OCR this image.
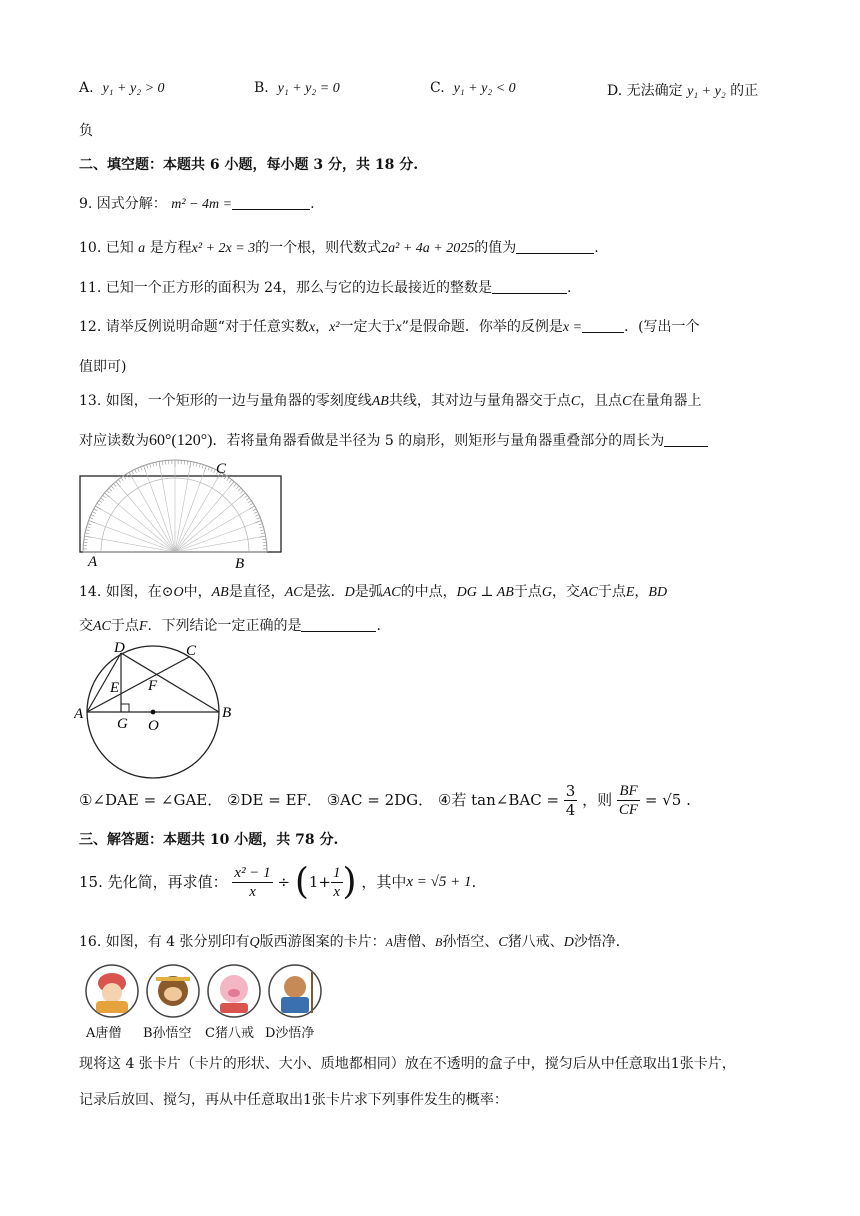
A. y₁ + y₂ > 0	B. y₁ + y₂ = 0	C. y₁ + y₂ < 0	D. 无法确定 y₁ + y₂ 的正
负
二、填空题：本题共 6 小题，每小题 3 分，共 18 分.
9. 因式分解： m² − 4m =	.
10. 已知 a 是方程x² + 2x = 3的一个根，则代数式2a² + 4a + 2025的值为	.
11. 已知一个正方形的面积为 24，那么与它的边长最接近的整数是	.
12. 请举反例说明命题“对于任意实数x，x²一定大于x”是假命题．你举的反例是x =	．(写出一个
值即可)
13. 如图，一个矩形的一边与量角器的零刻度线AB共线，其对边与量角器交于点C，且点C在量角器上
对应读数为60°(120°)．若将量角器看做是半径为 5 的扇形，则矩形与量角器重叠部分的周长为
C
A	B
14. 如图，在⊙O中，AB是直径，AC是弦．D是弧AC的中点，DG ⊥ AB于点G，交AC于点E，BD
交AC于点F．下列结论一定正确的是	.
A	B
C
D
E F
G O
①∠DAE = ∠GAE． ②DE = EF． ③AC = 2DG． ④若 tan∠BAC = $\frac{3}{4}$ ，则 $\frac{BF}{CF} = √5$ .
三、解答题：本题共 10 小题，共 78 分.
15. 先化简，再求值： $\frac{\text{x² − 1}}{x} \div (1+ \frac{1}{x}$ ) ，其中x = √5 + 1.
16. 如图，有 4 张分别印有Q版西游图案的卡片：A唐僧、B孙悟空、C猪八戒、D沙悟净．
A唐僧 B孙悟空 C猪八戒 D沙悟净
现将这 4 张卡片（卡片的形状、大小、质地都相同）放在不透明的盒子中，搅匀后从中任意取出1张卡片，
记录后放回、搅匀，再从中任意取出1张卡片求下列事件发生的概率：
